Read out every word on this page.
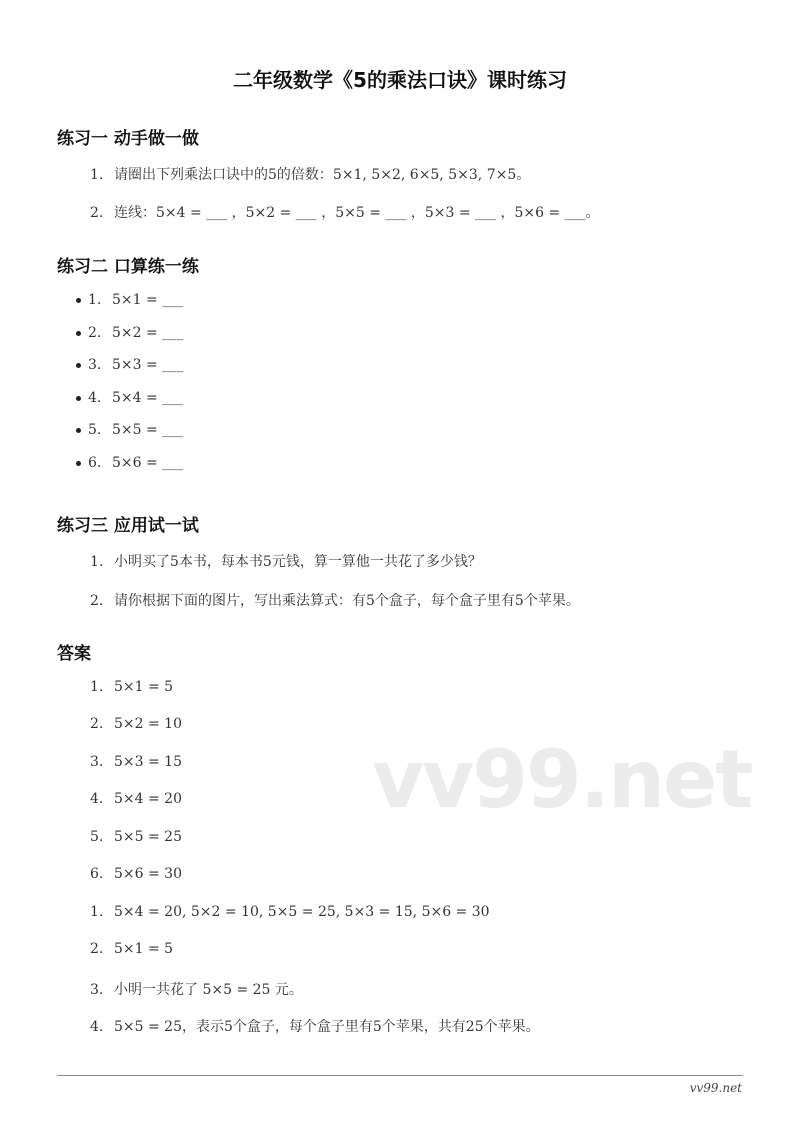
vv99.net
二年级数学《5的乘法口诀》课时练习
练习一 动手做一做
1. 请圈出下列乘法口诀中的5的倍数：5×1, 5×2, 6×5, 5×3, 7×5。
2. 连线：5×4 = ___ ，5×2 = ___ ，5×5 = ___ ，5×3 = ___ ，5×6 = ___。
练习二 口算练一练
1. 5×1 = ___
2. 5×2 = ___
3. 5×3 = ___
4. 5×4 = ___
5. 5×5 = ___
6. 5×6 = ___
练习三 应用试一试
1. 小明买了5本书，每本书5元钱，算一算他一共花了多少钱？
2. 请你根据下面的图片，写出乘法算式：有5个盒子，每个盒子里有5个苹果。
答案
1. 5×1 = 5
2. 5×2 = 10
3. 5×3 = 15
4. 5×4 = 20
5. 5×5 = 25
6. 5×6 = 30
1. 5×4 = 20, 5×2 = 10, 5×5 = 25, 5×3 = 15, 5×6 = 30
2. 5×1 = 5
3. 小明一共花了 5×5 = 25 元。
4. 5×5 = 25，表示5个盒子，每个盒子里有5个苹果，共有25个苹果。
vv99.net
